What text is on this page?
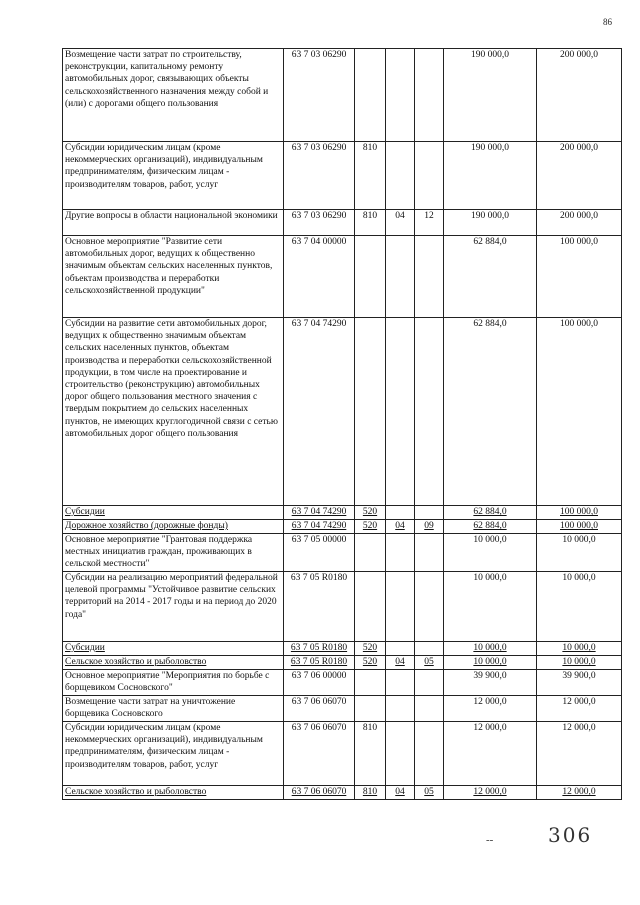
86
Возмещение части затрат по строительству, реконструкции, капитальному ремонту автомобильных дорог, связывающих объекты сельскохозяйственного назначения между собой и (или) с дорогами общего пользования	63 7 03 06290				190 000,0	200 000,0
Субсидии юридическим лицам (кроме некоммерческих организаций), индивидуальным предпринимателям, физическим лицам - производителям товаров, работ, услуг	63 7 03 06290	810			190 000,0	200 000,0
Другие вопросы в области национальной экономики	63 7 03 06290	810	04	12	190 000,0	200 000,0
Основное мероприятие "Развитие сети автомобильных дорог, ведущих к общественно значимым объектам сельских населенных пунктов, объектам производства и переработки сельскохозяйственной продукции"	63 7 04 00000				62 884,0	100 000,0
Субсидии на развитие сети автомобильных дорог, ведущих к общественно значимым объектам сельских населенных пунктов, объектам производства и переработки сельскохозяйственной продукции, в том числе на проектирование и строительство (реконструкцию) автомобильных дорог общего пользования местного значения с твердым покрытием до сельских населенных пунктов, не имеющих круглогодичной связи с сетью автомобильных дорог общего пользования	63 7 04 74290				62 884,0	100 000,0
Субсидии	63 7 04 74290	520			62 884,0	100 000,0
Дорожное хозяйство (дорожные фонды)	63 7 04 74290	520	04	09	62 884,0	100 000,0
Основное мероприятие "Грантовая поддержка местных инициатив граждан, проживающих в сельской местности"	63 7 05 00000				10 000,0	10 000,0
Субсидии на реализацию мероприятий федеральной целевой программы "Устойчивое развитие сельских территорий на 2014 - 2017 годы и на период до 2020 года"	63 7 05 R0180				10 000,0	10 000,0
Субсидии	63 7 05 R0180	520			10 000,0	10 000,0
Сельское хозяйство и рыболовство	63 7 05 R0180	520	04	05	10 000,0	10 000,0
Основное мероприятие "Мероприятия по борьбе с борщевиком Сосновского"	63 7 06 00000				39 900,0	39 900,0
Возмещение части затрат на уничтожение борщевика Сосновского	63 7 06 06070				12 000,0	12 000,0
Субсидии юридическим лицам (кроме некоммерческих организаций), индивидуальным предпринимателям, физическим лицам - производителям товаров, работ, услуг	63 7 06 06070	810			12 000,0	12 000,0
Сельское хозяйство и рыболовство	63 7 06 06070	810	04	05	12 000,0	12 000,0
--	306
